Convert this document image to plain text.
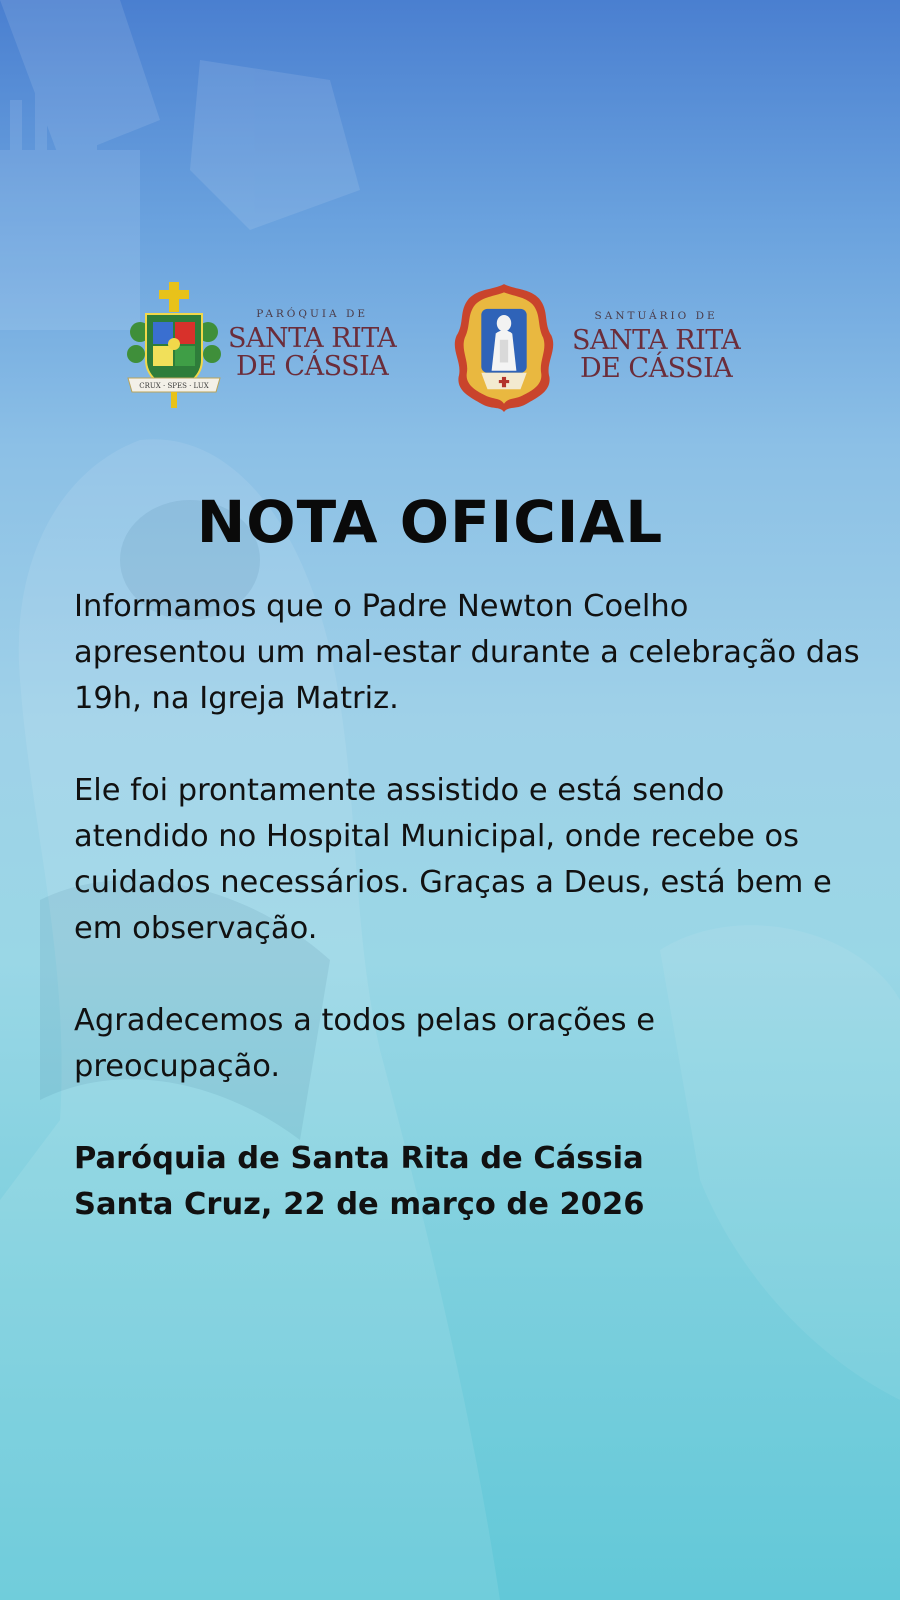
CRUX · SPES · LUX
PARÓQUIA DE
SANTA RITA
DE CÁSSIA
SANTUÁRIO DE
SANTA RITA
DE CÁSSIA
NOTA OFICIAL

Informamos que o Padre Newton Coelho apresentou um mal-estar durante a celebração das 19h, na Igreja Matriz.

Ele foi prontamente assistido e está sendo atendido no Hospital Municipal, onde recebe os cuidados necessários. Graças a Deus, está bem e em observação.

Agradecemos a todos pelas orações e preocupação.

Paróquia de Santa Rita de Cássia
Santa Cruz, 22 de março de 2026
